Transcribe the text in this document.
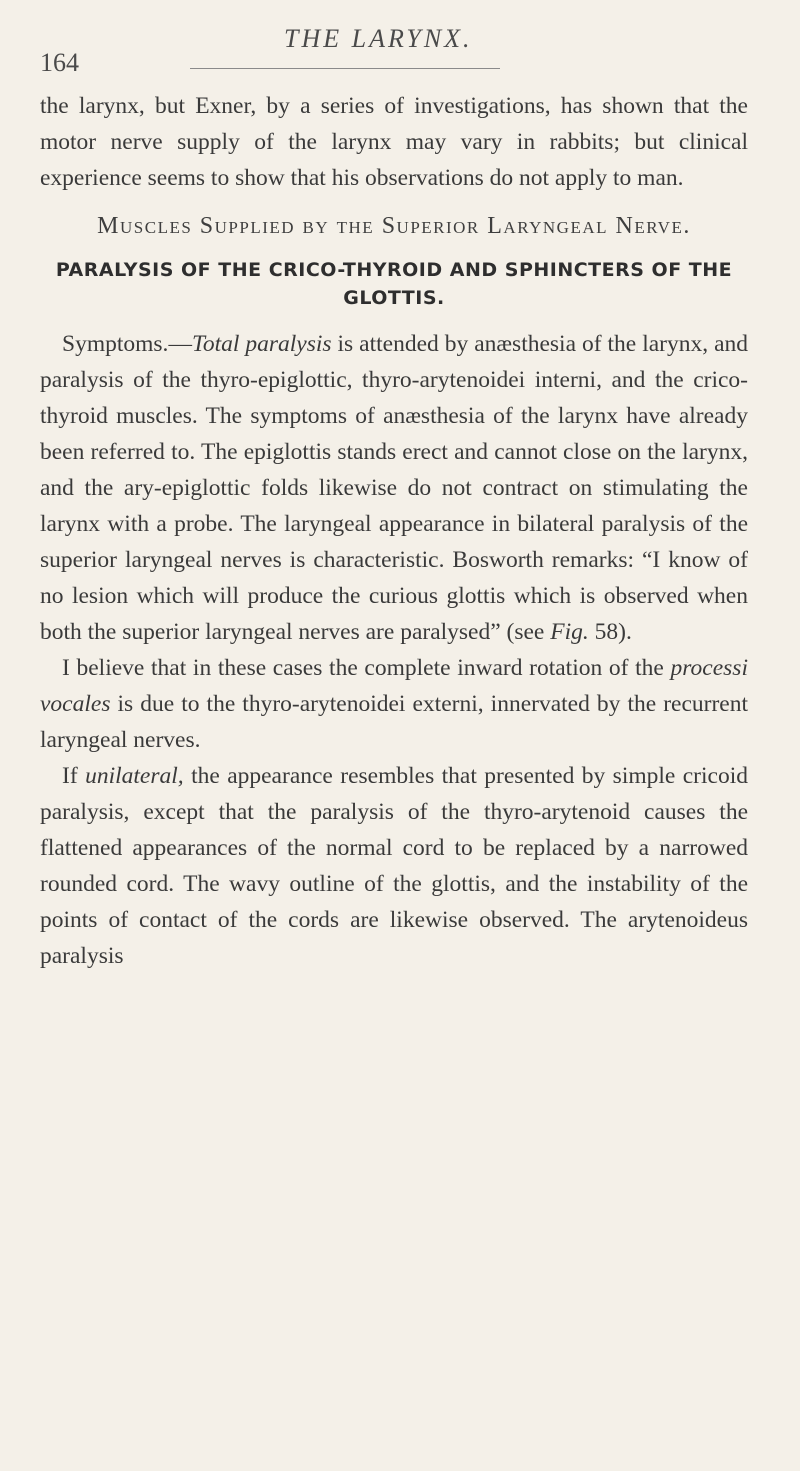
164
THE LARYNX.

the larynx, but Exner, by a series of investigations, has shown that the motor nerve supply of the larynx may vary in rabbits; but clinical experience seems to show that his observations do not apply to man.

Muscles Supplied by the Superior Laryngeal Nerve.
PARALYSIS OF THE CRICO-THYROID AND SPHINCTERS OF THE GLOTTIS.

Symptoms.—Total paralysis is attended by anæsthesia of the larynx, and paralysis of the thyro-epiglottic, thyro-arytenoidei interni, and the crico-thyroid muscles. The symptoms of anæsthesia of the larynx have already been referred to. The epiglottis stands erect and cannot close on the larynx, and the ary-epiglottic folds likewise do not contract on stimulating the larynx with a probe. The laryngeal appearance in bilateral paralysis of the superior laryngeal nerves is characteristic. Bosworth remarks: “I know of no lesion which will produce the curious glottis which is observed when both the superior laryngeal nerves are paralysed” (see Fig. 58).

I believe that in these cases the complete inward rotation of the processi vocales is due to the thyro-arytenoidei externi, innervated by the recurrent laryngeal nerves.

If unilateral, the appearance resembles that presented by simple cricoid paralysis, except that the paralysis of the thyro-arytenoid causes the flattened appearances of the normal cord to be replaced by a narrowed rounded cord. The wavy outline of the glottis, and the instability of the points of contact of the cords are likewise observed. The arytenoideus paralysis
